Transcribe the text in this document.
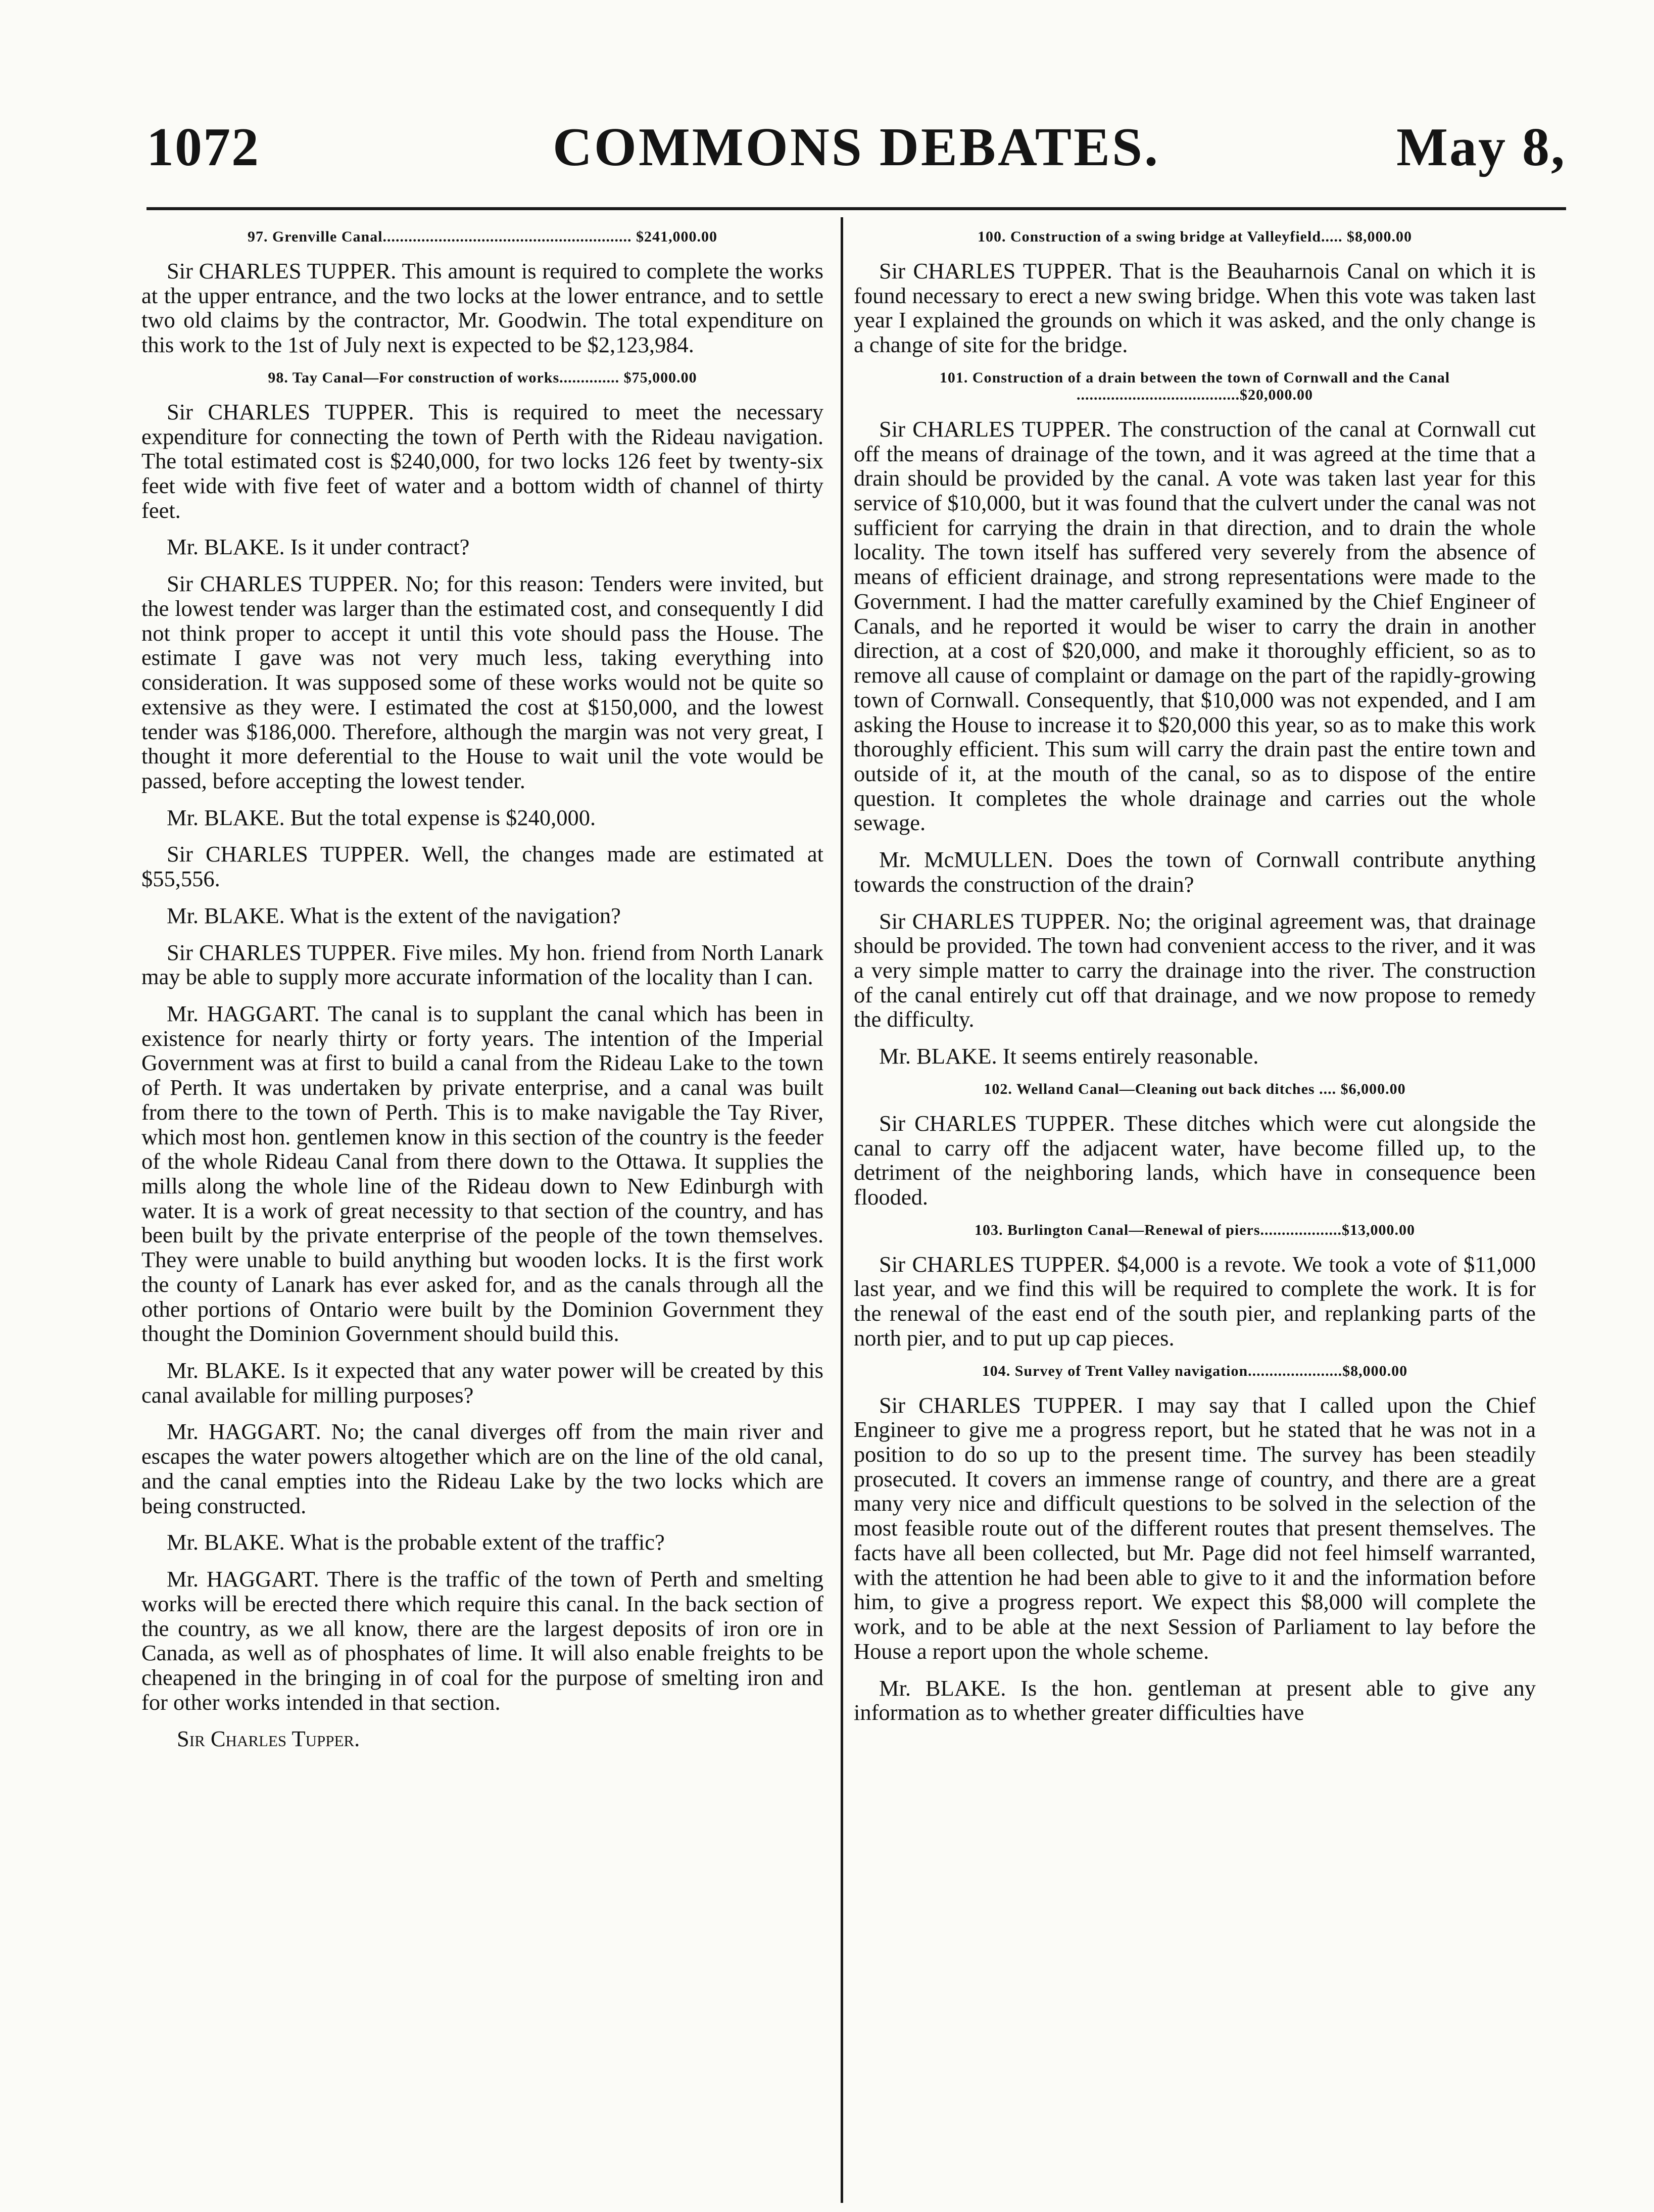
1072	COMMONS DEBATES.	May 8,
97. Grenville Canal.......................................................... $241,000.00

Sir CHARLES TUPPER. This amount is required to complete the works at the upper entrance, and the two locks at the lower entrance, and to settle two old claims by the contractor, Mr. Goodwin. The total expenditure on this work to the 1st of July next is expected to be $2,123,984.

98. Tay Canal—For construction of works.............. $75,000.00

Sir CHARLES TUPPER. This is required to meet the necessary expenditure for connecting the town of Perth with the Rideau navigation. The total estimated cost is $240,000, for two locks 126 feet by twenty-six feet wide with five feet of water and a bottom width of channel of thirty feet.

Mr. BLAKE. Is it under contract?

Sir CHARLES TUPPER. No; for this reason: Tenders were invited, but the lowest tender was larger than the estimated cost, and consequently I did not think proper to accept it until this vote should pass the House. The estimate I gave was not very much less, taking everything into consideration. It was supposed some of these works would not be quite so extensive as they were. I estimated the cost at $150,000, and the lowest tender was $186,000. Therefore, although the margin was not very great, I thought it more deferential to the House to wait unil the vote would be passed, before accepting the lowest tender.

Mr. BLAKE. But the total expense is $240,000.

Sir CHARLES TUPPER. Well, the changes made are estimated at $55,556.

Mr. BLAKE. What is the extent of the navigation?

Sir CHARLES TUPPER. Five miles. My hon. friend from North Lanark may be able to supply more accurate information of the locality than I can.

Mr. HAGGART. The canal is to supplant the canal which has been in existence for nearly thirty or forty years. The intention of the Imperial Government was at first to build a canal from the Rideau Lake to the town of Perth. It was undertaken by private enterprise, and a canal was built from there to the town of Perth. This is to make navigable the Tay River, which most hon. gentlemen know in this section of the country is the feeder of the whole Rideau Canal from there down to the Ottawa. It supplies the mills along the whole line of the Rideau down to New Edinburgh with water. It is a work of great necessity to that section of the country, and has been built by the private enterprise of the people of the town themselves. They were unable to build anything but wooden locks. It is the first work the county of Lanark has ever asked for, and as the canals through all the other portions of Ontario were built by the Dominion Government they thought the Dominion Government should build this.

Mr. BLAKE. Is it expected that any water power will be created by this canal available for milling purposes?

Mr. HAGGART. No; the canal diverges off from the main river and escapes the water powers altogether which are on the line of the old canal, and the canal empties into the Rideau Lake by the two locks which are being constructed.

Mr. BLAKE. What is the probable extent of the traffic?

Mr. HAGGART. There is the traffic of the town of Perth and smelting works will be erected there which require this canal. In the back section of the country, as we all know, there are the largest deposits of iron ore in Canada, as well as of phosphates of lime. It will also enable freights to be cheapened in the bringing in of coal for the purpose of smelting iron and for other works intended in that section.

Sir Charles Tupper.

100. Construction of a swing bridge at Valleyfield..... $8,000.00

Sir CHARLES TUPPER. That is the Beauharnois Canal on which it is found necessary to erect a new swing bridge. When this vote was taken last year I explained the grounds on which it was asked, and the only change is a change of site for the bridge.

101. Construction of a drain between the town of Cornwall and the Canal ......................................$20,000.00

Sir CHARLES TUPPER. The construction of the canal at Cornwall cut off the means of drainage of the town, and it was agreed at the time that a drain should be provided by the canal. A vote was taken last year for this service of $10,000, but it was found that the culvert under the canal was not sufficient for carrying the drain in that direction, and to drain the whole locality. The town itself has suffered very severely from the absence of means of efficient drainage, and strong representations were made to the Government. I had the matter carefully examined by the Chief Engineer of Canals, and he reported it would be wiser to carry the drain in another direction, at a cost of $20,000, and make it thoroughly efficient, so as to remove all cause of complaint or damage on the part of the rapidly-growing town of Cornwall. Consequently, that $10,000 was not expended, and I am asking the House to increase it to $20,000 this year, so as to make this work thoroughly efficient. This sum will carry the drain past the entire town and outside of it, at the mouth of the canal, so as to dispose of the entire question. It completes the whole drainage and carries out the whole sewage.

Mr. McMULLEN. Does the town of Cornwall contribute anything towards the construction of the drain?

Sir CHARLES TUPPER. No; the original agreement was, that drainage should be provided. The town had convenient access to the river, and it was a very simple matter to carry the drainage into the river. The construction of the canal entirely cut off that drainage, and we now propose to remedy the difficulty.

Mr. BLAKE. It seems entirely reasonable.

102. Welland Canal—Cleaning out back ditches .... $6,000.00

Sir CHARLES TUPPER. These ditches which were cut alongside the canal to carry off the adjacent water, have become filled up, to the detriment of the neighboring lands, which have in consequence been flooded.

103. Burlington Canal—Renewal of piers...................$13,000.00

Sir CHARLES TUPPER. $4,000 is a revote. We took a vote of $11,000 last year, and we find this will be required to complete the work. It is for the renewal of the east end of the south pier, and replanking parts of the north pier, and to put up cap pieces.

104. Survey of Trent Valley navigation......................$8,000.00

Sir CHARLES TUPPER. I may say that I called upon the Chief Engineer to give me a progress report, but he stated that he was not in a position to do so up to the present time. The survey has been steadily prosecuted. It covers an immense range of country, and there are a great many very nice and difficult questions to be solved in the selection of the most feasible route out of the different routes that present themselves. The facts have all been collected, but Mr. Page did not feel himself warranted, with the attention he had been able to give to it and the information before him, to give a progress report. We expect this $8,000 will complete the work, and to be able at the next Session of Parliament to lay before the House a report upon the whole scheme.

Mr. BLAKE. Is the hon. gentleman at present able to give any information as to whether greater difficulties have
